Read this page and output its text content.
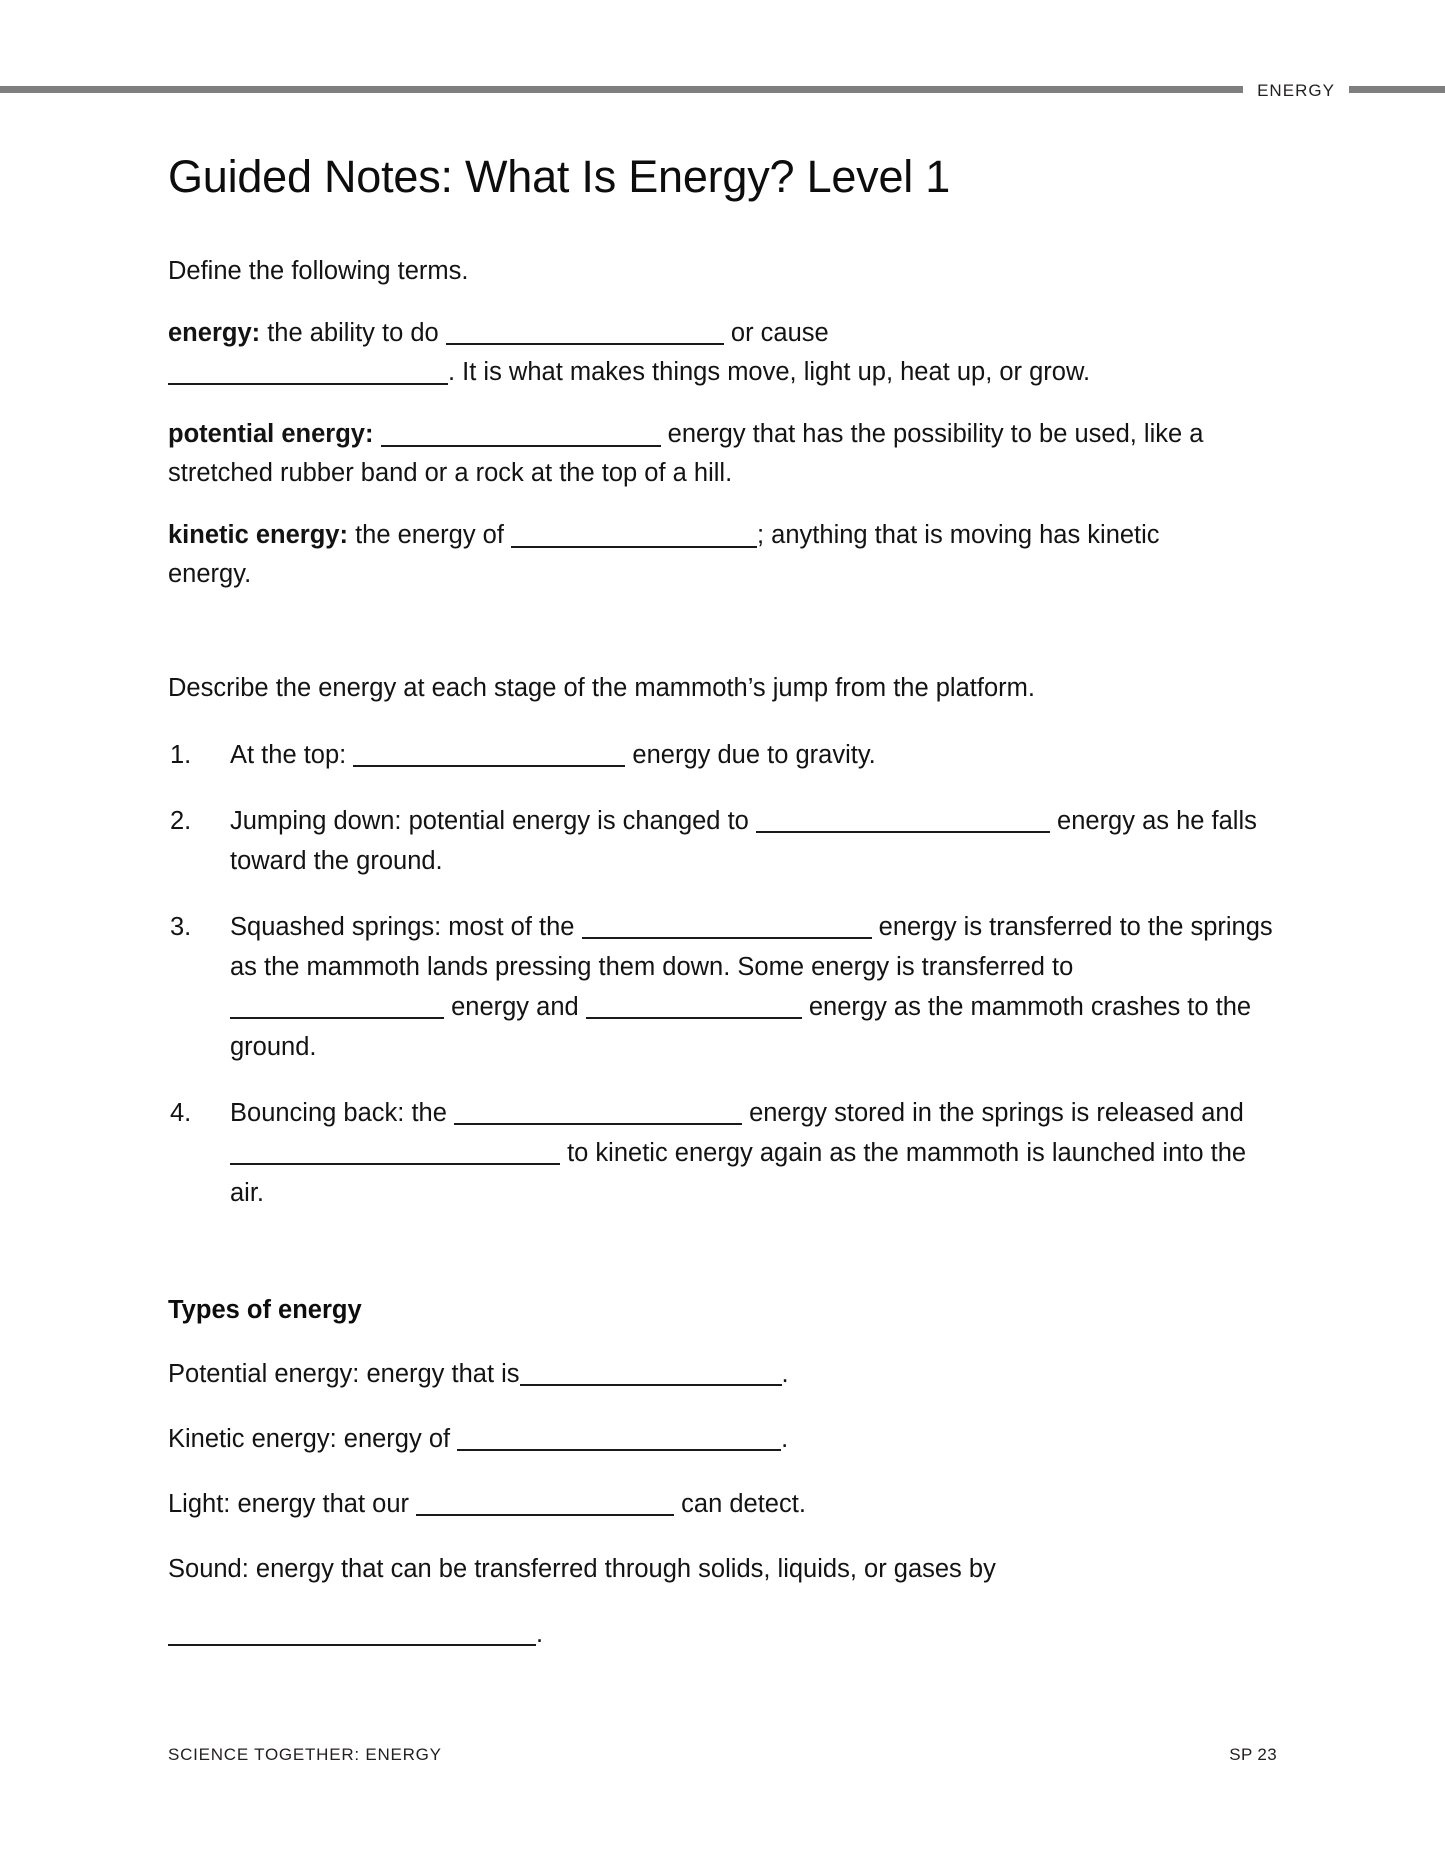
ENERGY
Guided Notes: What Is Energy? Level 1

Define the following terms.

energy: the ability to do	or cause
. It is what makes things move, light up, heat up, or grow.

potential energy:	energy that has the possibility to be used, like a stretched rubber band or a rock at the top of a hill.

kinetic energy: the energy of	; anything that is moving has kinetic energy.

Describe the energy at each stage of the mammoth’s jump from the platform.

1.	At the top:	energy due to gravity.
2.	Jumping down: potential energy is changed to	energy as he falls toward the ground.
3.	Squashed springs: most of the	energy is transferred to the springs as the mammoth lands pressing them down. Some energy is transferred to  energy and	energy as the mammoth crashes to the ground.
4.	Bouncing back: the	energy stored in the springs is released and  to kinetic energy again as the mammoth is launched into the air.

Types of energy

Potential energy: energy that is	.

Kinetic energy: energy of	.

Light: energy that our	can detect.

Sound: energy that can be transferred through solids, liquids, or gases by

.

SCIENCE TOGETHER: ENERGY	SP 23
